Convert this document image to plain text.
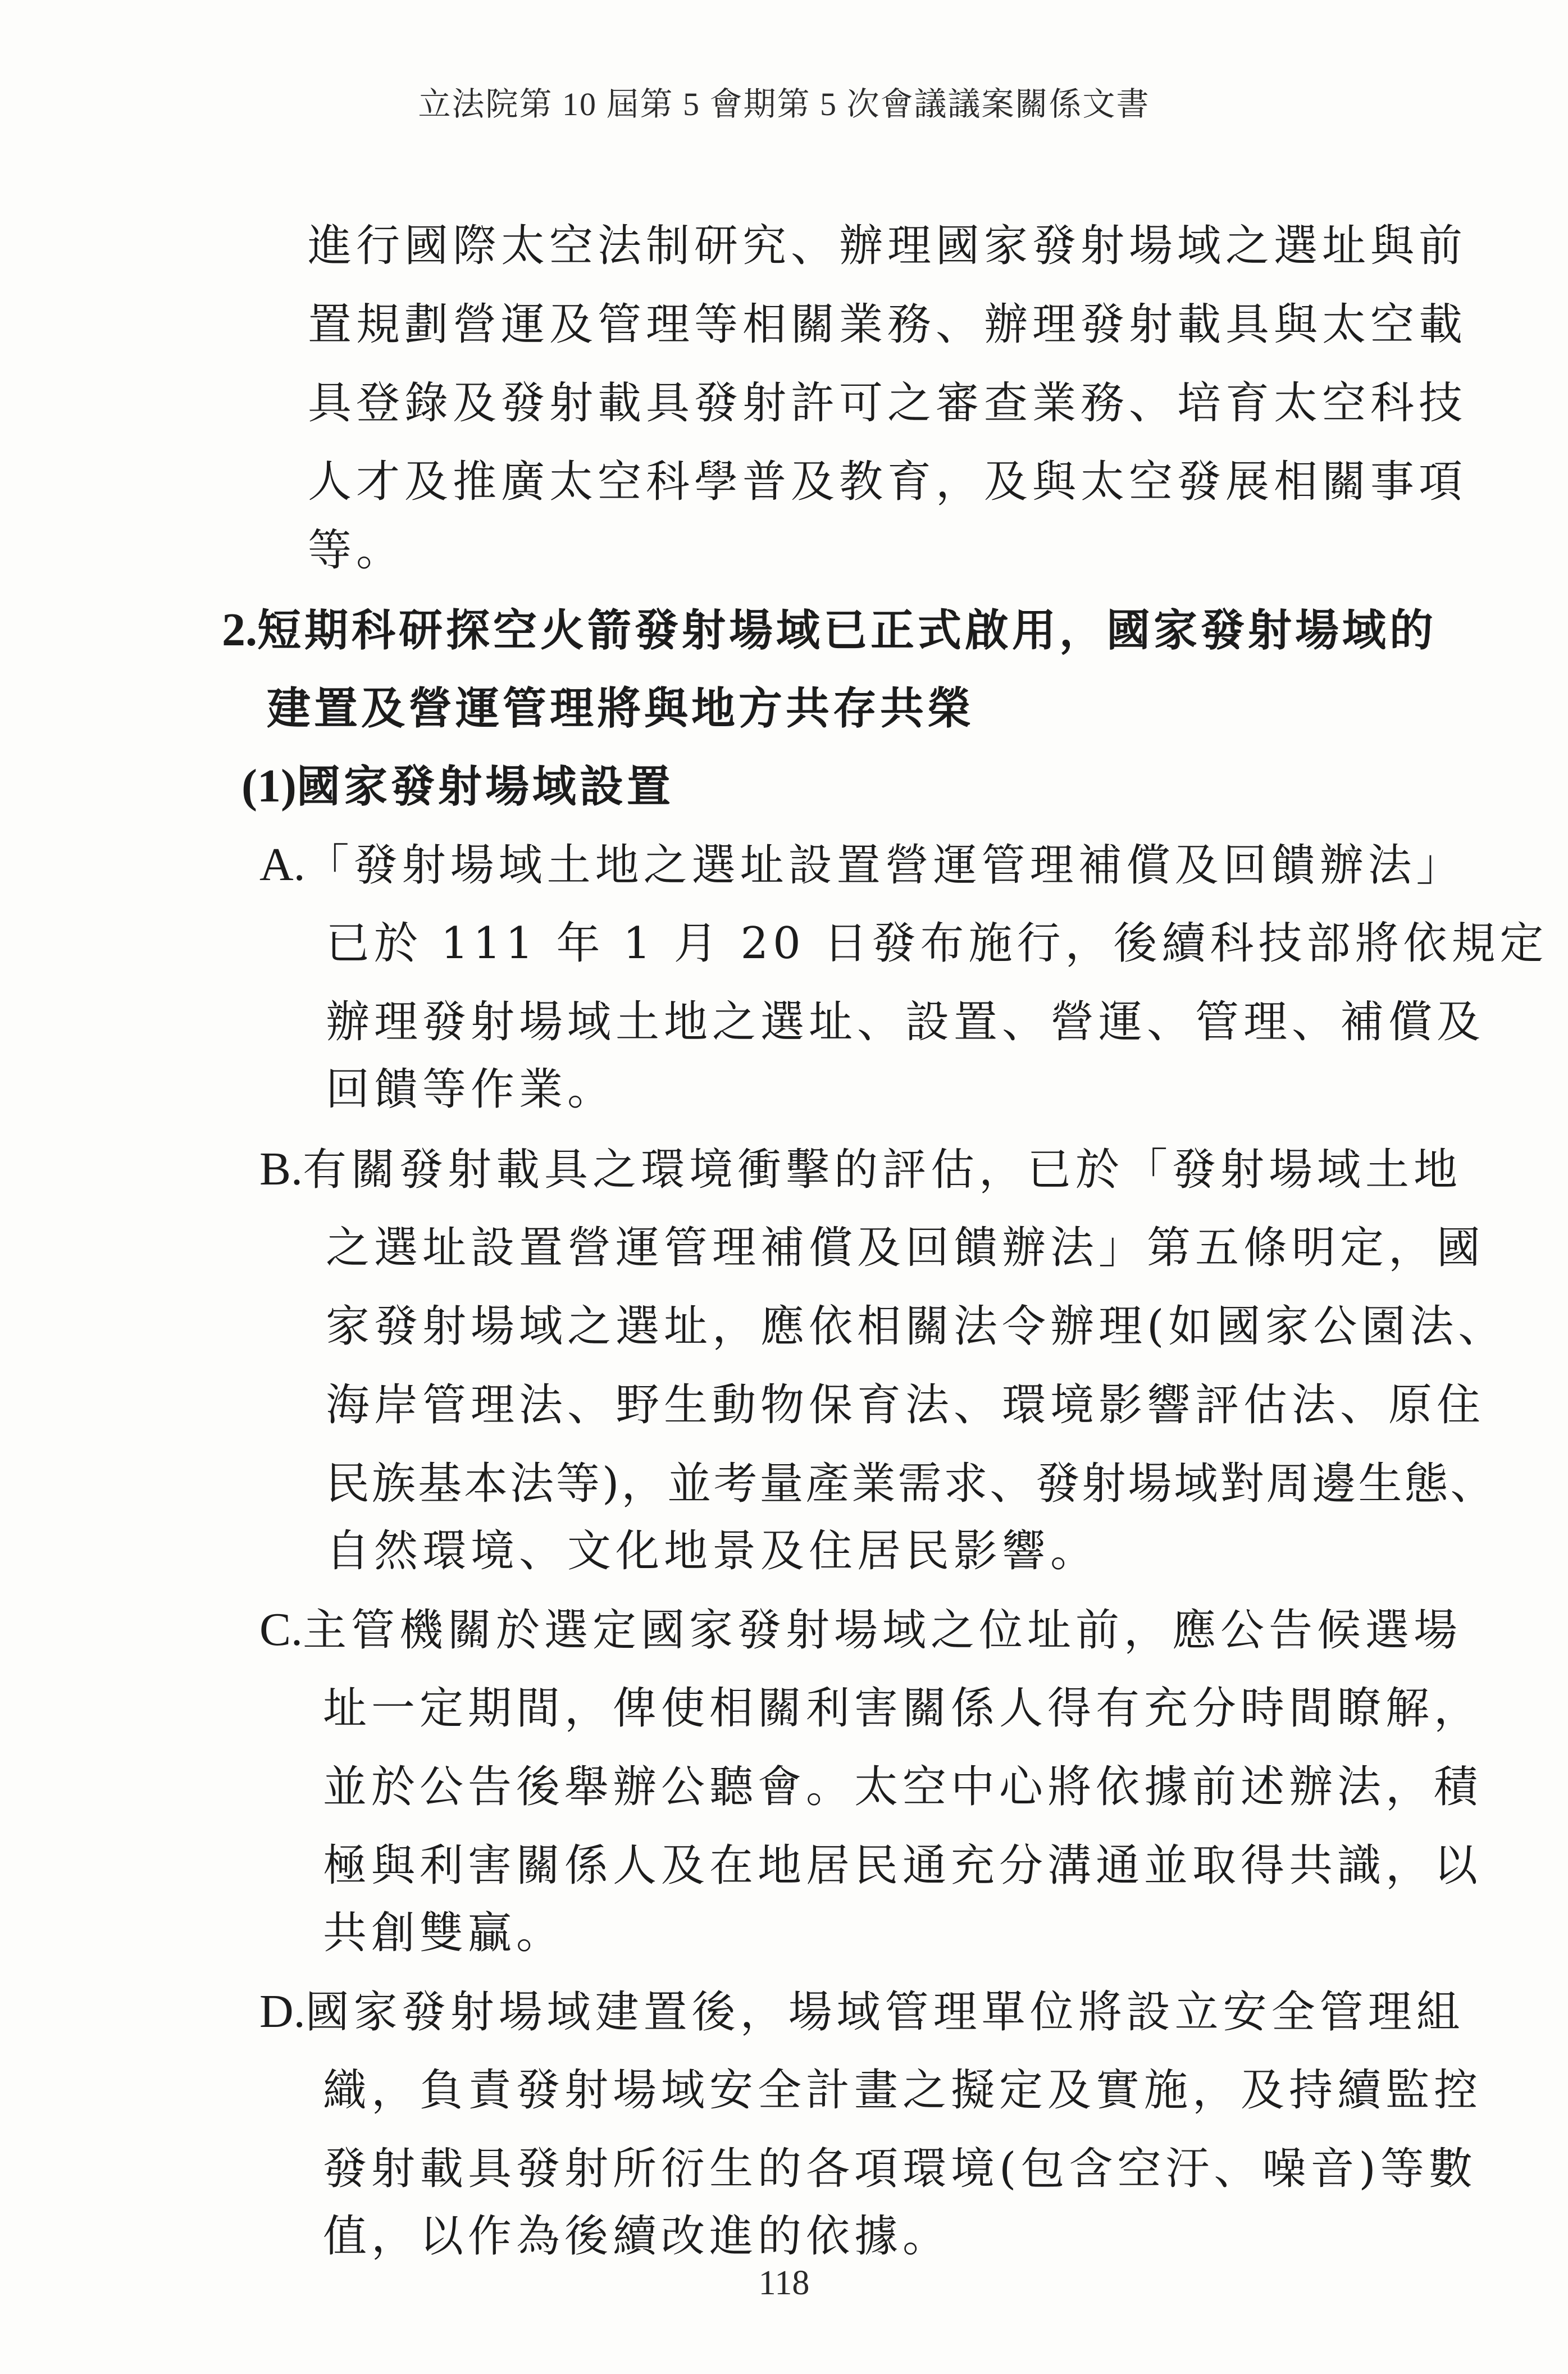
立法院第 10 屆第 5 會期第 5 次會議議案關係文書
進行國際太空法制研究、辦理國家發射場域之選址與前
置規劃營運及管理等相關業務、辦理發射載具與太空載
具登錄及發射載具發射許可之審查業務、培育太空科技
人才及推廣太空科學普及教育，及與太空發展相關事項
等。
2.短期科研探空火箭發射場域已正式啟用，國家發射場域的
建置及營運管理將與地方共存共榮
(1)國家發射場域設置
A.「發射場域土地之選址設置營運管理補償及回饋辦法」
已於 111 年 1 月 20 日發布施行，後續科技部將依規定
辦理發射場域土地之選址、設置、營運、管理、補償及
回饋等作業。
B.有關發射載具之環境衝擊的評估，已於「發射場域土地
之選址設置營運管理補償及回饋辦法」第五條明定，國
家發射場域之選址，應依相關法令辦理(如國家公園法、
海岸管理法、野生動物保育法、環境影響評估法、原住
民族基本法等)，並考量產業需求、發射場域對周邊生態、
自然環境、文化地景及住居民影響。
C.主管機關於選定國家發射場域之位址前，應公告候選場
址一定期間，俾使相關利害關係人得有充分時間瞭解，
並於公告後舉辦公聽會。太空中心將依據前述辦法，積
極與利害關係人及在地居民通充分溝通並取得共識，以
共創雙贏。
D.國家發射場域建置後，場域管理單位將設立安全管理組
織，負責發射場域安全計畫之擬定及實施，及持續監控
發射載具發射所衍生的各項環境(包含空汙、噪音)等數
值，以作為後續改進的依據。
118
